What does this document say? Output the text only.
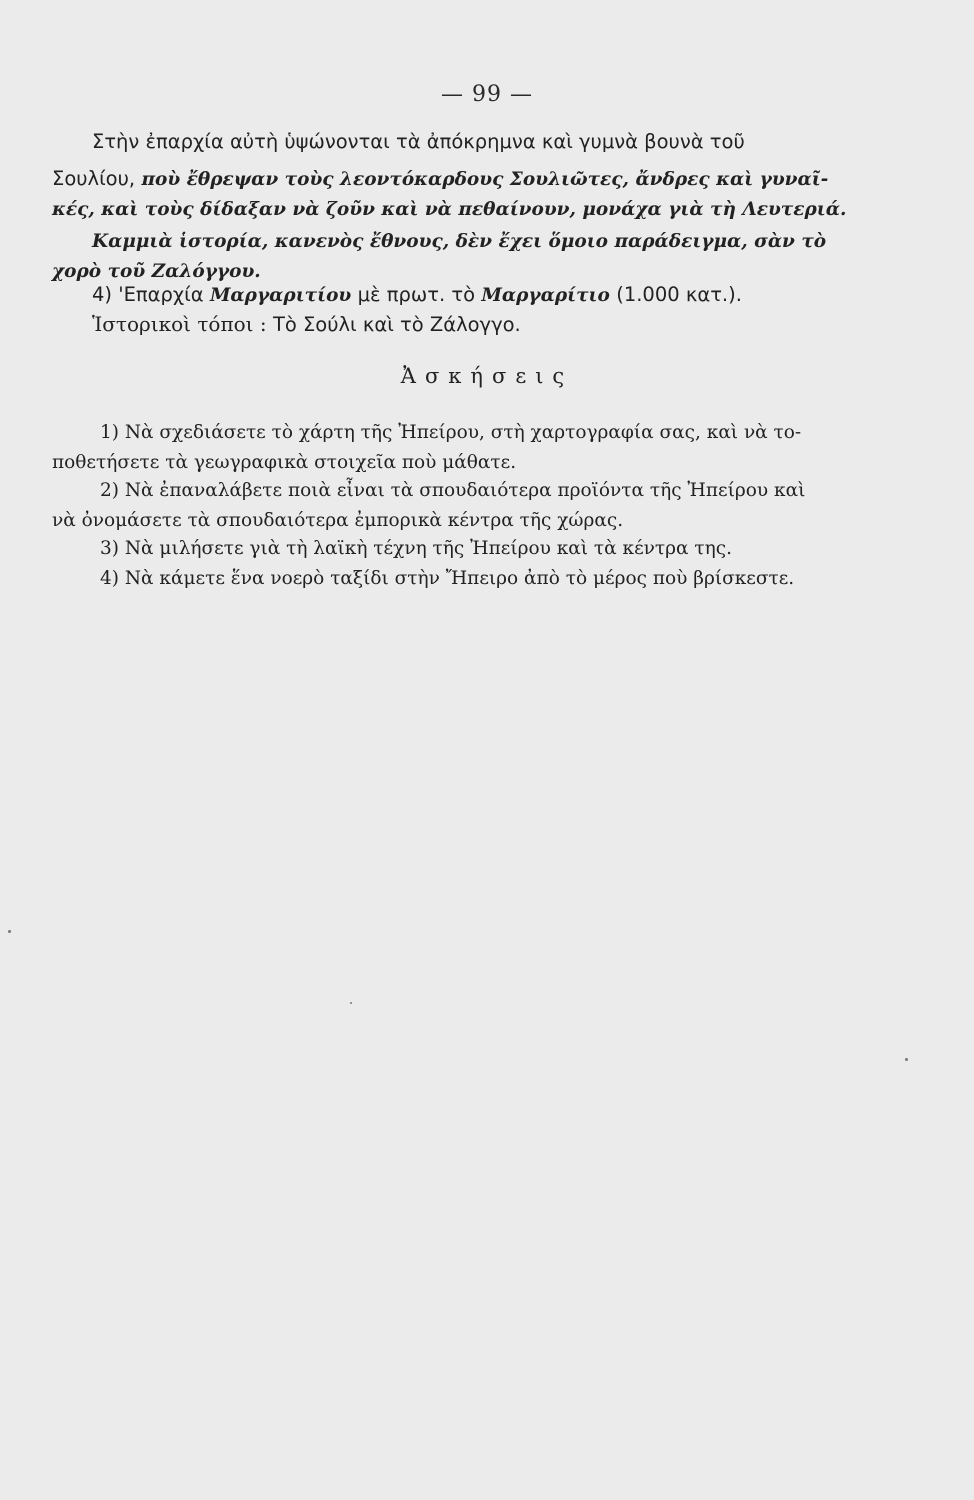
— 99 —
Στὴν ἐπαρχία αὐτὴ ὑψώνονται τὰ ἀπόκρημνα καὶ γυμνὰ βουνὰ τοῦ
Σουλίου, ποὺ ἔθρεψαν τοὺς λεοντόκαρδους Σουλιῶτες, ἄνδρες καὶ γυναῖ-
κές, καὶ τοὺς δίδαξαν νὰ ζοῦν καὶ νὰ πεθαίνουν, μονάχα γιὰ τὴ Λευτεριά.
Καμμιὰ ἱστορία, κανενὸς ἔθνους, δὲν ἔχει ὅμοιο παράδειγμα, σὰν τὸ
χορὸ τοῦ Ζαλόγγου.
4) 'Επαρχία Μαργαριτίου μὲ πρωτ. τὸ Μαργαρίτιο (1.000 κατ.).
Ἱστορικοὶ τόποι : Τὸ Σούλι καὶ τὸ Ζάλογγο.
Ἀσκήσεις
1) Νὰ σχεδιάσετε τὸ χάρτη τῆς Ἠπείρου, στὴ χαρτογραφία σας, καὶ νὰ το-
ποθετήσετε τὰ γεωγραφικὰ στοιχεῖα ποὺ μάθατε.
2) Νὰ ἐπαναλάβετε ποιὰ εἶναι τὰ σπουδαιότερα προϊόντα τῆς Ἠπείρου καὶ
νὰ ὀνομάσετε τὰ σπουδαιότερα ἐμπορικὰ κέντρα τῆς χώρας.
3) Νὰ μιλήσετε γιὰ τὴ λαϊκὴ τέχνη τῆς Ἠπείρου καὶ τὰ κέντρα της.
4) Νὰ κάμετε ἕνα νοερὸ ταξίδι στὴν Ἤπειρο ἀπὸ τὸ μέρος ποὺ βρίσκεστε.
